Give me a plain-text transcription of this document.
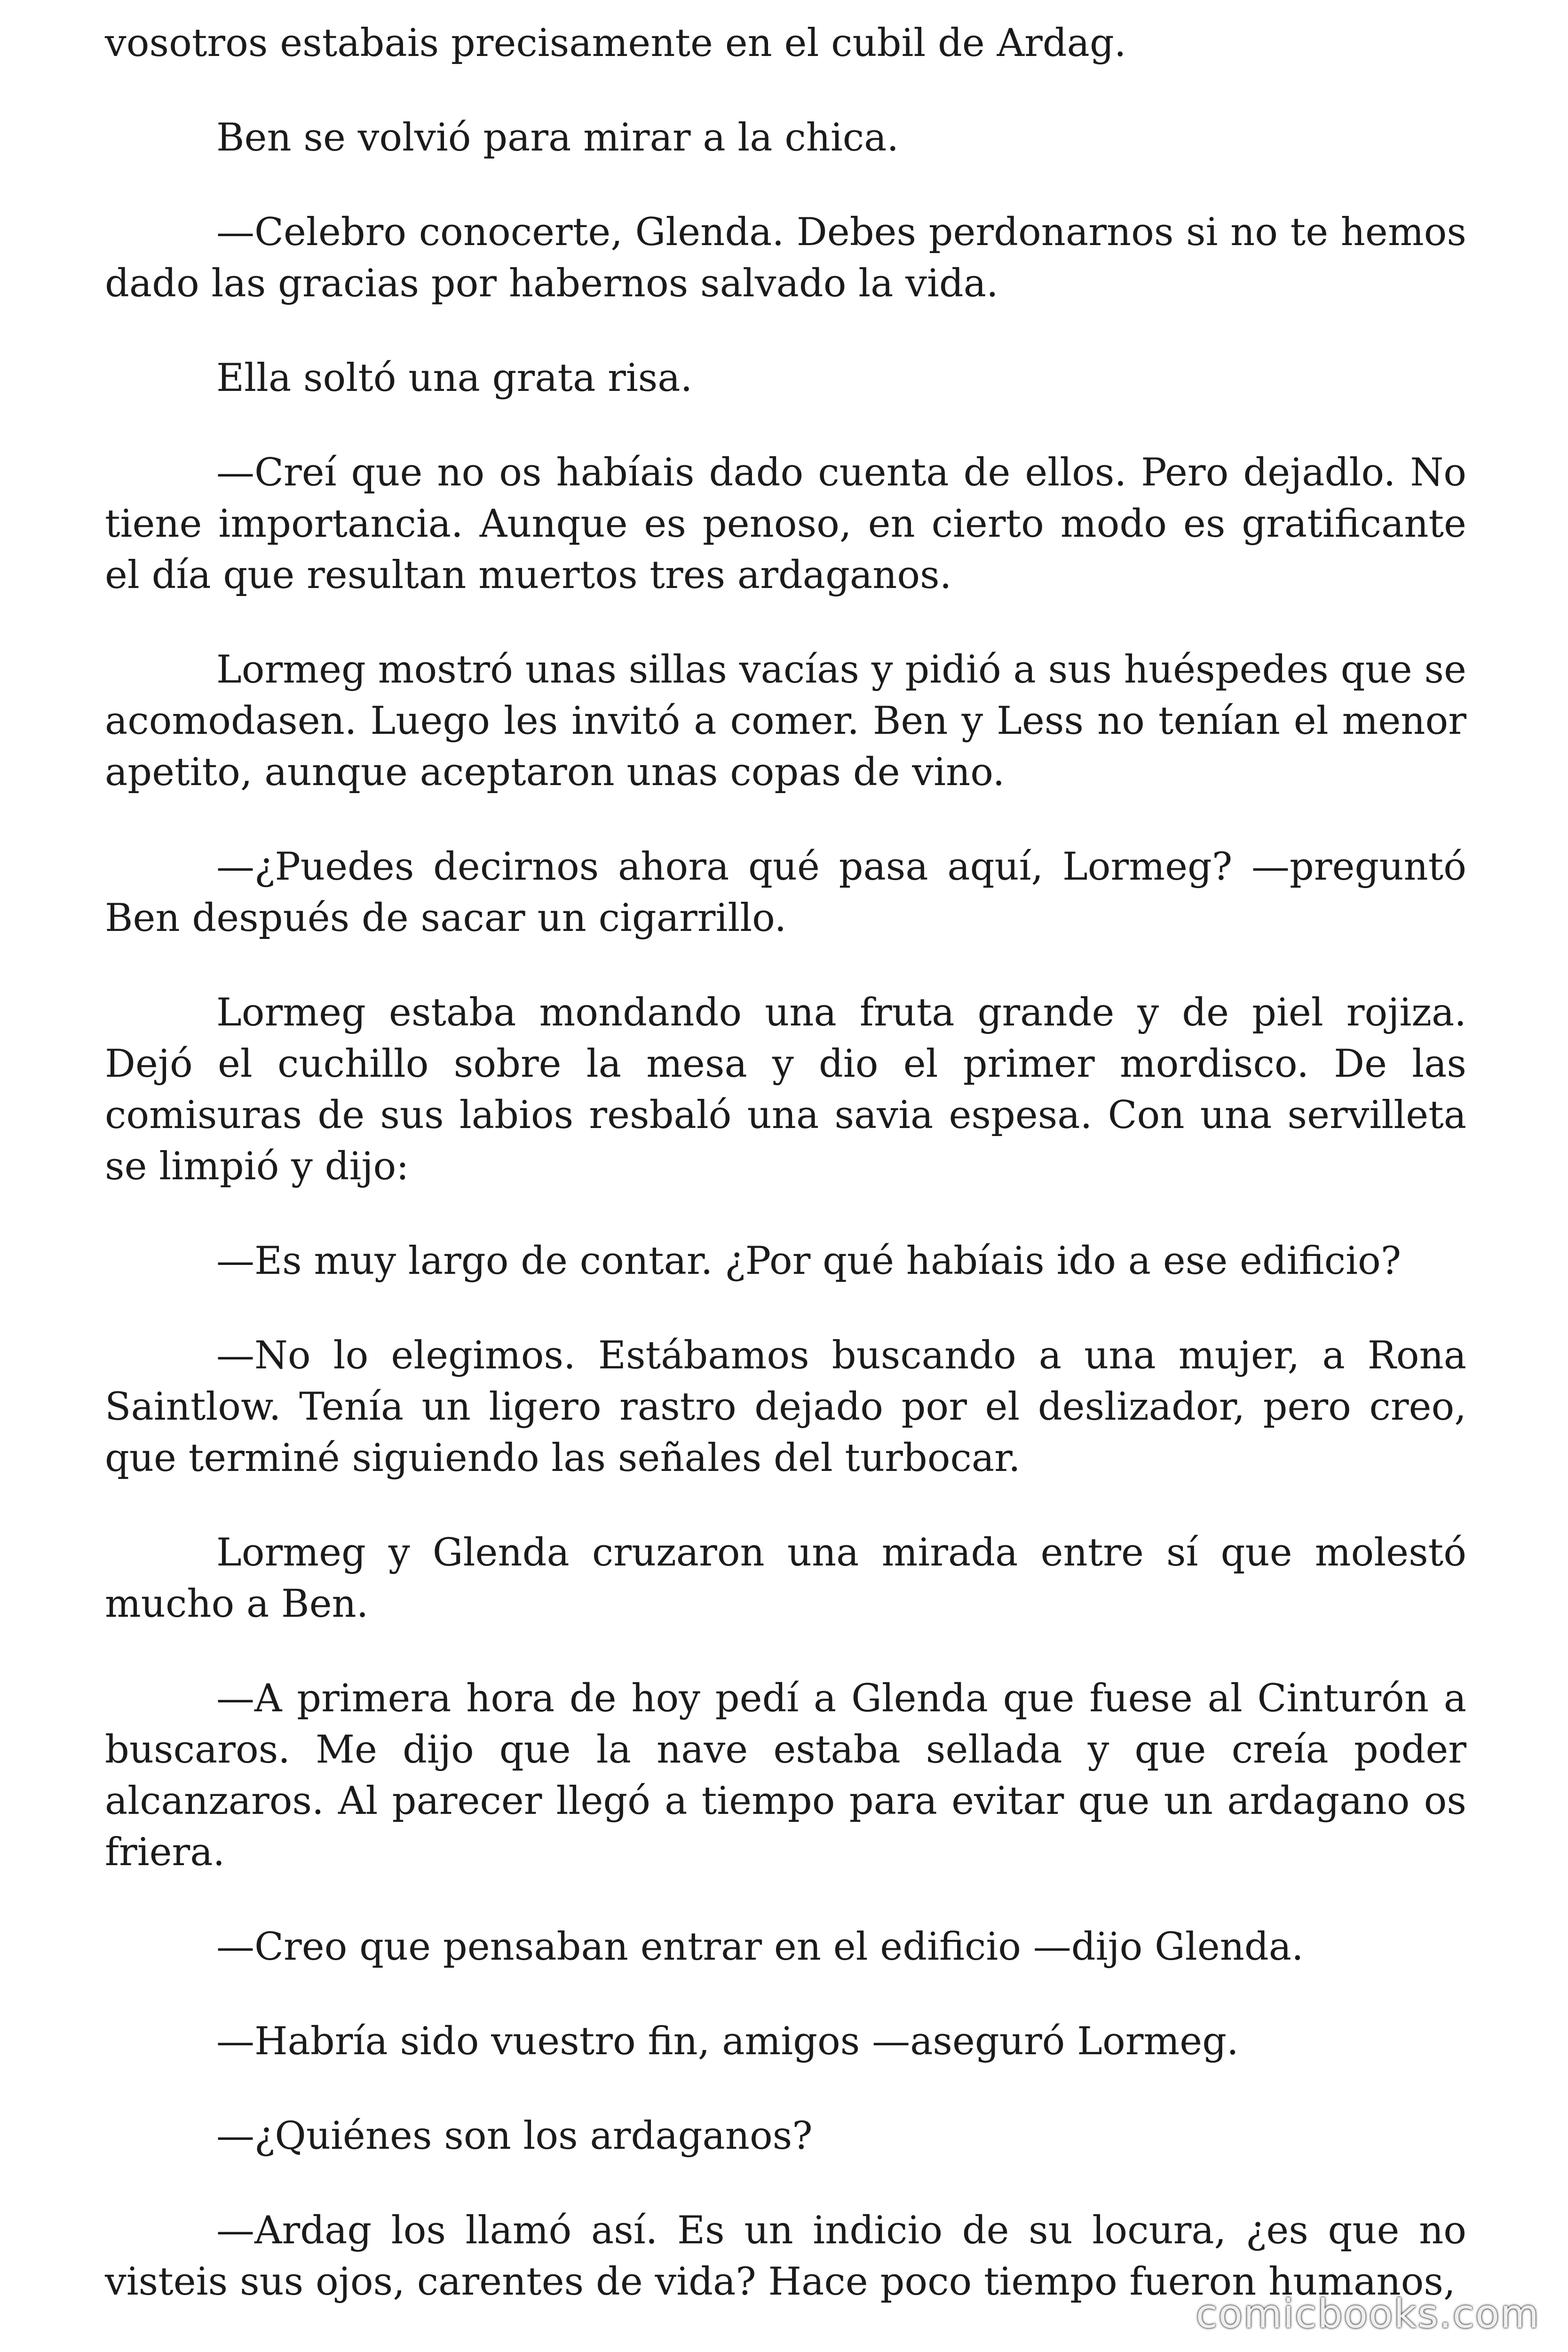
vosotros estabais precisamente en el cubil de Ardag.

Ben se volvió para mirar a la chica.

—Celebro conocerte, Glenda. Debes perdonarnos si no te hemos dado las gracias por habernos salvado la vida.

Ella soltó una grata risa.

—Creí que no os habíais dado cuenta de ellos. Pero dejadlo. No tiene importancia. Aunque es penoso, en cierto modo es gratificante el día que resultan muertos tres ardaganos.

Lormeg mostró unas sillas vacías y pidió a sus huéspedes que se acomodasen. Luego les invitó a comer. Ben y Less no tenían el menor apetito, aunque aceptaron unas copas de vino.

—¿Puedes decirnos ahora qué pasa aquí, Lormeg? —preguntó Ben después de sacar un cigarrillo.

Lormeg estaba mondando una fruta grande y de piel rojiza. Dejó el cuchillo sobre la mesa y dio el primer mordisco. De las comisuras de sus labios resbaló una savia espesa. Con una servilleta se limpió y dijo:

—Es muy largo de contar. ¿Por qué habíais ido a ese edificio?

—No lo elegimos. Estábamos buscando a una mujer, a Rona Saintlow. Tenía un ligero rastro dejado por el deslizador, pero creo, que terminé siguiendo las señales del turbocar.

Lormeg y Glenda cruzaron una mirada entre sí que molestó mucho a Ben.

—A primera hora de hoy pedí a Glenda que fuese al Cinturón a buscaros. Me dijo que la nave estaba sellada y que creía poder alcanzaros. Al parecer llegó a tiempo para evitar que un ardagano os friera.

—Creo que pensaban entrar en el edificio —dijo Glenda.

—Habría sido vuestro fin, amigos —aseguró Lormeg.

—¿Quiénes son los ardaganos?

—Ardag los llamó así. Es un indicio de su locura, ¿es que no visteis sus ojos, carentes de vida? Hace poco tiempo fueron humanos,

comicbooks.com
